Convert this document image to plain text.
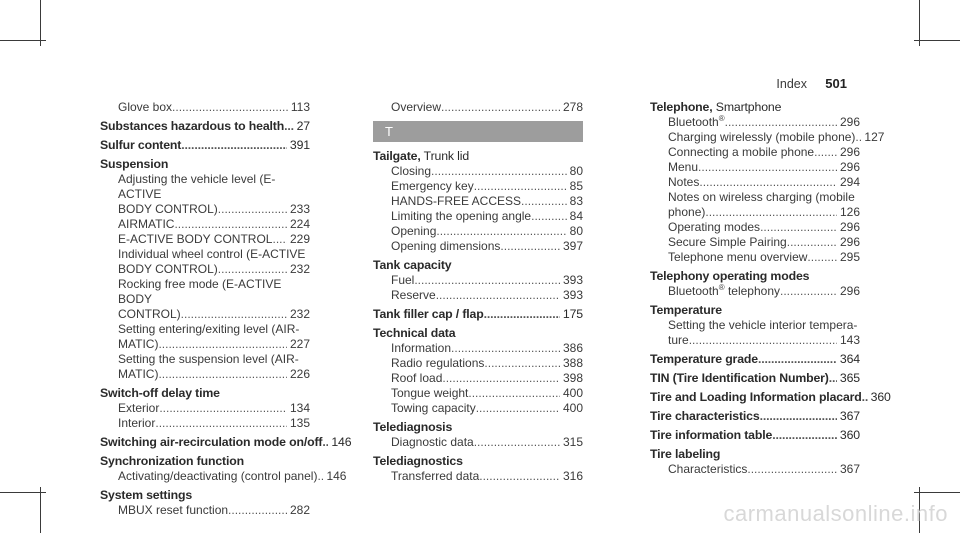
Index 501
Glove box .....	113
Substances hazardous to health ..... 27
Sulfur content .....	391
Suspension
Adjusting the vehicle level (E-ACTIVE
BODY CONTROL) .....	233
AIRMATIC .....	224
E-ACTIVE BODY CONTROL ..... 229
Individual wheel control (E-ACTIVE
BODY CONTROL) .....	232
Rocking free mode (E-ACTIVE BODY
CONTROL) .....	232
Setting entering/exiting level (AIR-
MATIC) .....	227
Setting the suspension level (AIR-
MATIC) .....	226
Switch-off delay time
Exterior .....	134
Interior .....	135
Switching air-recirculation mode on/off ..... 146
Synchronization function
Activating/deactivating (control panel) ..... 146
System settings
MBUX reset function .....	282
Overview .....	278
T
Tailgate, Trunk lid
Closing .....	80
Emergency key .....	85
HANDS-FREE ACCESS .....	83
Limiting the opening angle .....	84
Opening .....	80
Opening dimensions .....	397
Tank capacity
Fuel .....	393
Reserve .....	393
Tank filler cap / flap .....	175
Technical data
Information .....	386
Radio regulations .....	388
Roof load .....	398
Tongue weight .....	400
Towing capacity .....	400
Telediagnosis
Diagnostic data .....	315
Telediagnostics
Transferred data .....	316
Telephone, Smartphone
Bluetooth® .....	296
Charging wirelessly (mobile phone) ..... 127
Connecting a mobile phone ..... 296
Menu .....	296
Notes .....	294
Notes on wireless charging (mobile
phone) .....	126
Operating modes .....	296
Secure Simple Pairing .....	296
Telephone menu overview .....	295
Telephony operating modes
Bluetooth® telephony .....	296
Temperature
Setting the vehicle interior tempera-
ture .....	143
Temperature grade .....	364
TIN (Tire Identification Number) ..... 365
Tire and Loading Information placard ..... 360
Tire characteristics .....	367
Tire information table .....	360
Tire labeling
Characteristics .....	367
carmanualsonline.info
